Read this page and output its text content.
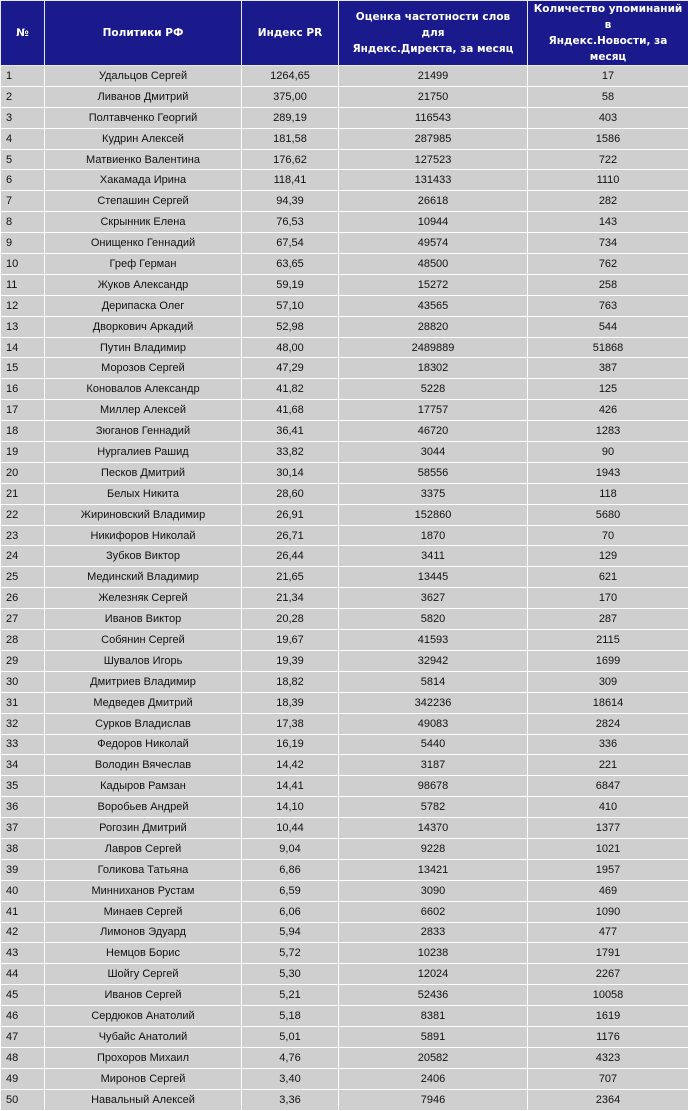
№	Политики РФ	Индекс PR	Оценка частотности слов для
Яндекс.Директа, за месяц	Количество упоминаний в
Яндекс.Новости, за месяц
1	Удальцов Сергей	1264,65	21499	17
2	Ливанов Дмитрий	375,00	21750	58
3	Полтавченко Георгий	289,19	116543	403
4	Кудрин Алексей	181,58	287985	1586
5	Матвиенко Валентина	176,62	127523	722
6	Хакамада Ирина	118,41	131433	1110
7	Степашин Сергей	94,39	26618	282
8	Скрынник Елена	76,53	10944	143
9	Онищенко Геннадий	67,54	49574	734
10	Греф Герман	63,65	48500	762
11	Жуков Александр	59,19	15272	258
12	Дерипаска Олег	57,10	43565	763
13	Дворкович Аркадий	52,98	28820	544
14	Путин Владимир	48,00	2489889	51868
15	Морозов Сергей	47,29	18302	387
16	Коновалов Александр	41,82	5228	125
17	Миллер Алексей	41,68	17757	426
18	Зюганов Геннадий	36,41	46720	1283
19	Нургалиев Рашид	33,82	3044	90
20	Песков Дмитрий	30,14	58556	1943
21	Белых Никита	28,60	3375	118
22	Жириновский Владимир	26,91	152860	5680
23	Никифоров Николай	26,71	1870	70
24	Зубков Виктор	26,44	3411	129
25	Мединский Владимир	21,65	13445	621
26	Железняк Сергей	21,34	3627	170
27	Иванов Виктор	20,28	5820	287
28	Собянин Сергей	19,67	41593	2115
29	Шувалов Игорь	19,39	32942	1699
30	Дмитриев Владимир	18,82	5814	309
31	Медведев Дмитрий	18,39	342236	18614
32	Сурков Владислав	17,38	49083	2824
33	Федоров Николай	16,19	5440	336
34	Володин Вячеслав	14,42	3187	221
35	Кадыров Рамзан	14,41	98678	6847
36	Воробьев Андрей	14,10	5782	410
37	Рогозин Дмитрий	10,44	14370	1377
38	Лавров Сергей	9,04	9228	1021
39	Голикова Татьяна	6,86	13421	1957
40	Минниханов Рустам	6,59	3090	469
41	Минаев Сергей	6,06	6602	1090
42	Лимонов Эдуард	5,94	2833	477
43	Немцов Борис	5,72	10238	1791
44	Шойгу Сергей	5,30	12024	2267
45	Иванов Сергей	5,21	52436	10058
46	Сердюков Анатолий	5,18	8381	1619
47	Чубайс Анатолий	5,01	5891	1176
48	Прохоров Михаил	4,76	20582	4323
49	Миронов Сергей	3,40	2406	707
50	Навальный Алексей	3,36	7946	2364
